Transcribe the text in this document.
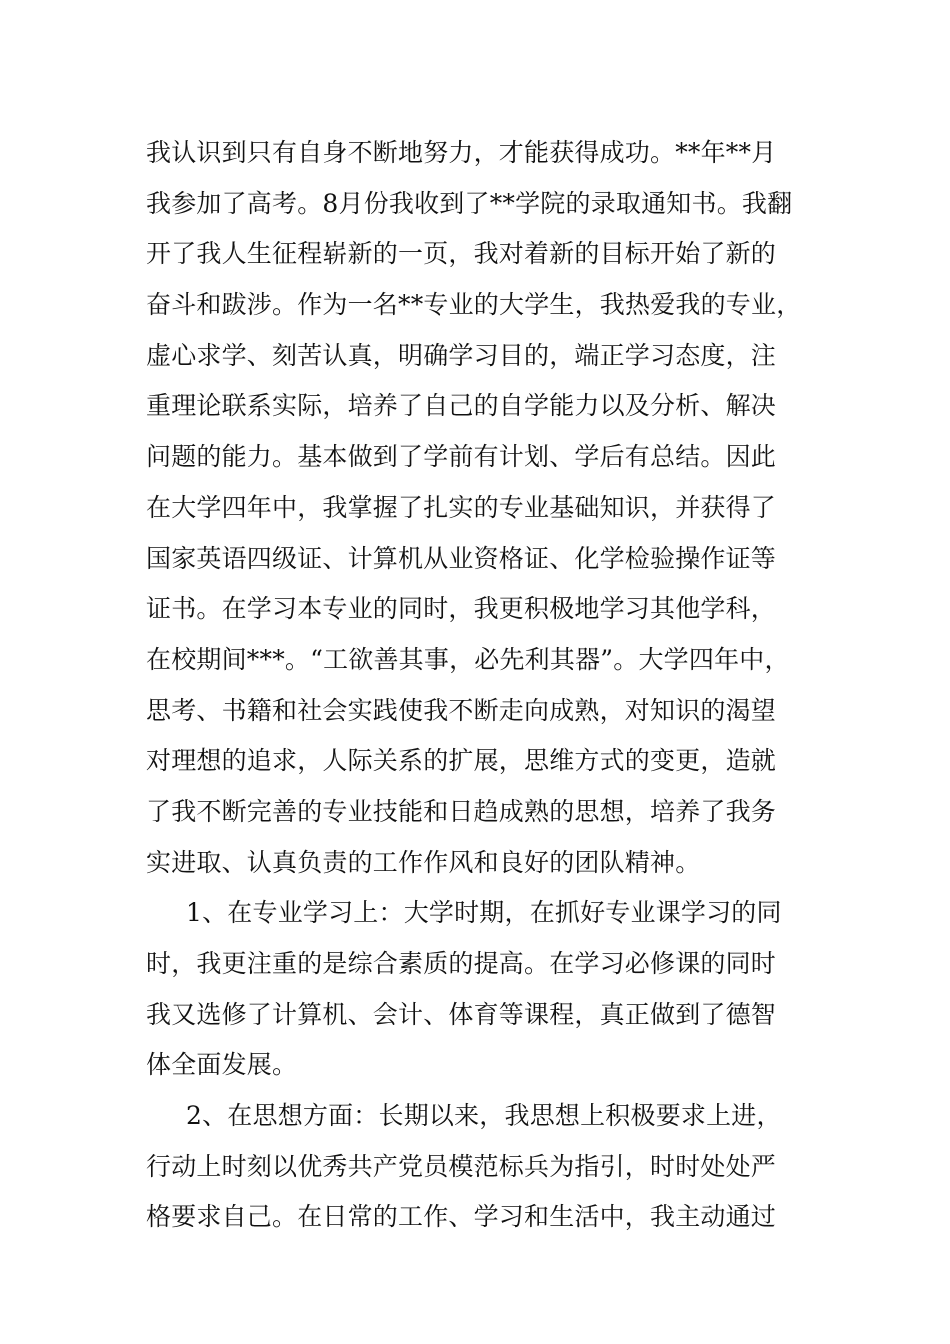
我认识到只有自身不断地努力，才能获得成功。**年**月
我参加了高考。8月份我收到了**学院的录取通知书。我翻
开了我人生征程崭新的一页，我对着新的目标开始了新的
奋斗和跋涉。作为一名**专业的大学生，我热爱我的专业，
虚心求学、刻苦认真，明确学习目的，端正学习态度，注
重理论联系实际，培养了自己的自学能力以及分析、解决
问题的能力。基本做到了学前有计划、学后有总结。因此
在大学四年中，我掌握了扎实的专业基础知识，并获得了
国家英语四级证、计算机从业资格证、化学检验操作证等
证书。在学习本专业的同时，我更积极地学习其他学科，
在校期间***。“工欲善其事，必先利其器”。大学四年中，
思考、书籍和社会实践使我不断走向成熟，对知识的渴望
对理想的追求，人际关系的扩展，思维方式的变更，造就
了我不断完善的专业技能和日趋成熟的思想，培养了我务
实进取、认真负责的工作作风和良好的团队精神。
1、在专业学习上：大学时期，在抓好专业课学习的同
时，我更注重的是综合素质的提高。在学习必修课的同时
我又选修了计算机、会计、体育等课程，真正做到了德智
体全面发展。
2、在思想方面：长期以来，我思想上积极要求上进，
行动上时刻以优秀共产党员模范标兵为指引，时时处处严
格要求自己。在日常的工作、学习和生活中，我主动通过
